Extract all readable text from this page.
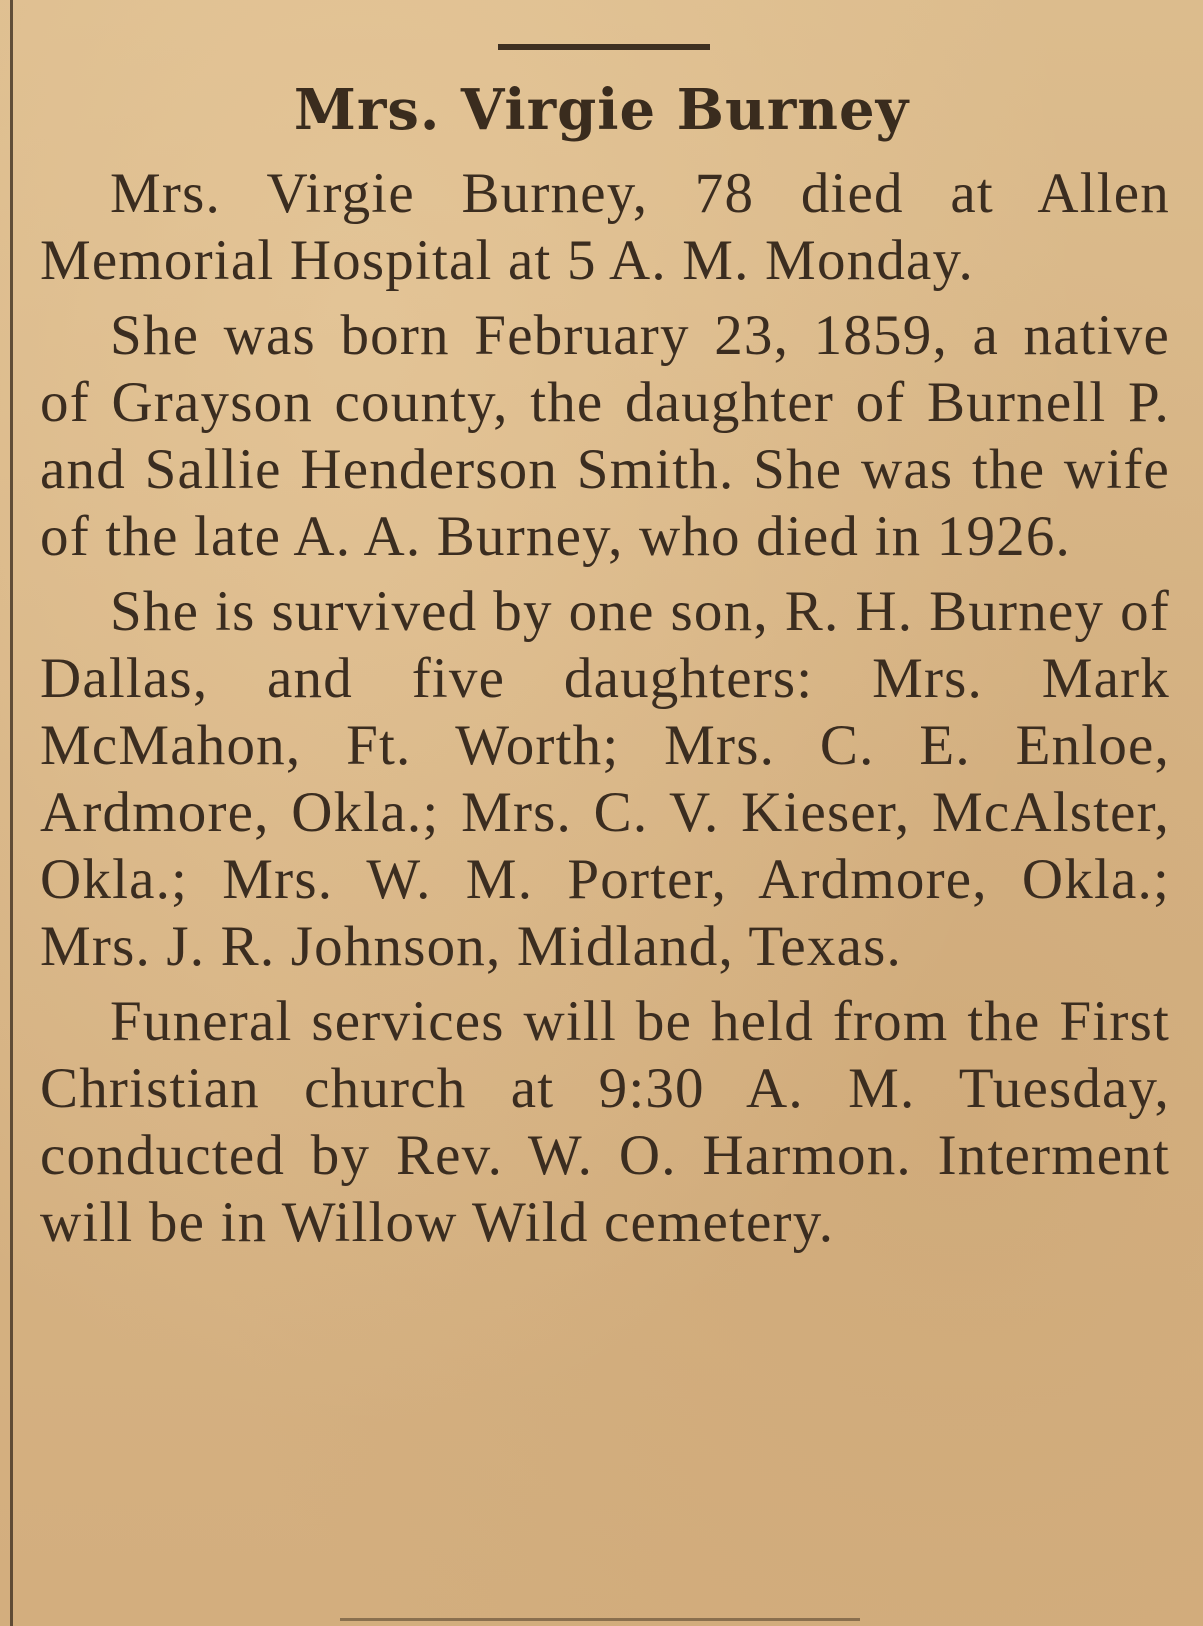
Mrs. Virgie Burney

Mrs. Virgie Burney, 78 died at Allen Memorial Hospital at 5 A. M. Monday.

She was born February 23, 1859, a native of Grayson county, the daughter of Burnell P. and Sallie Henderson Smith. She was the wife of the late A. A. Burney, who died in 1926.

She is survived by one son, R. H. Burney of Dallas, and five daughters: Mrs. Mark McMahon, Ft. Worth; Mrs. C. E. Enloe, Ardmore, Okla.; Mrs. C. V. Kieser, McAlster, Okla.; Mrs. W. M. Porter, Ardmore, Okla.; Mrs. J. R. Johnson, Midland, Texas.

Funeral services will be held from the First Christian church at 9:30 A. M. Tuesday, conducted by Rev. W. O. Harmon. Interment will be in Willow Wild cemetery.
